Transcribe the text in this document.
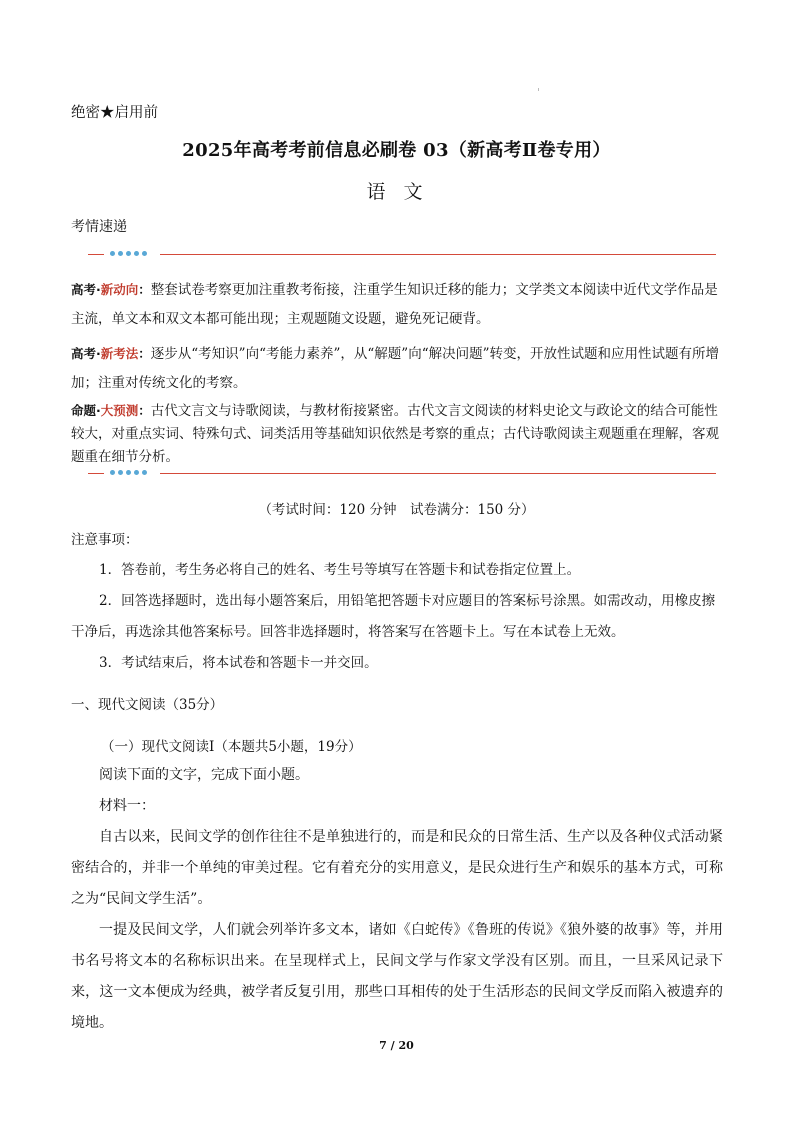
绝密★启用前

2025年高考考前信息必刷卷 03（新高考Ⅱ卷专用）
语文

考情速递

高考·新动向：整套试卷考察更加注重教考衔接，注重学生知识迁移的能力；文学类文本阅读中近代文学作品是主流，单文本和双文本都可能出现；主观题随文设题，避免死记硬背。
高考·新考法：逐步从“考知识”向“考能力素养”，从“解题”向“解决问题”转变，开放性试题和应用性试题有所增加；注重对传统文化的考察。
命题·大预测：古代文言文与诗歌阅读，与教材衔接紧密。古代文言文阅读的材料史论文与政论文的结合可能性较大，对重点实词、特殊句式、词类活用等基础知识依然是考察的重点；古代诗歌阅读主观题重在理解，客观题重在细节分析。

（考试时间：120 分钟　试卷满分：150 分）

注意事项：

1．答卷前，考生务必将自己的姓名、考生号等填写在答题卡和试卷指定位置上。

2．回答选择题时，选出每小题答案后，用铅笔把答题卡对应题目的答案标号涂黑。如需改动，用橡皮擦干净后，再选涂其他答案标号。回答非选择题时，将答案写在答题卡上。写在本试卷上无效。

3．考试结束后，将本试卷和答题卡一并交回。

一、现代文阅读（35分）

（一）现代文阅读Ⅰ（本题共5小题，19分）

阅读下面的文字，完成下面小题。

材料一：

自古以来，民间文学的创作往往不是单独进行的，而是和民众的日常生活、生产以及各种仪式活动紧密结合的，并非一个单纯的审美过程。它有着充分的实用意义，是民众进行生产和娱乐的基本方式，可称之为“民间文学生活”。

一提及民间文学，人们就会列举许多文本，诸如《白蛇传》《鲁班的传说》《狼外婆的故事》等，并用书名号将文本的名称标识出来。在呈现样式上，民间文学与作家文学没有区别。而且，一旦采风记录下来，这一文本便成为经典，被学者反复引用，那些口耳相传的处于生活形态的民间文学反而陷入被遗弃的境地。

7 / 20
